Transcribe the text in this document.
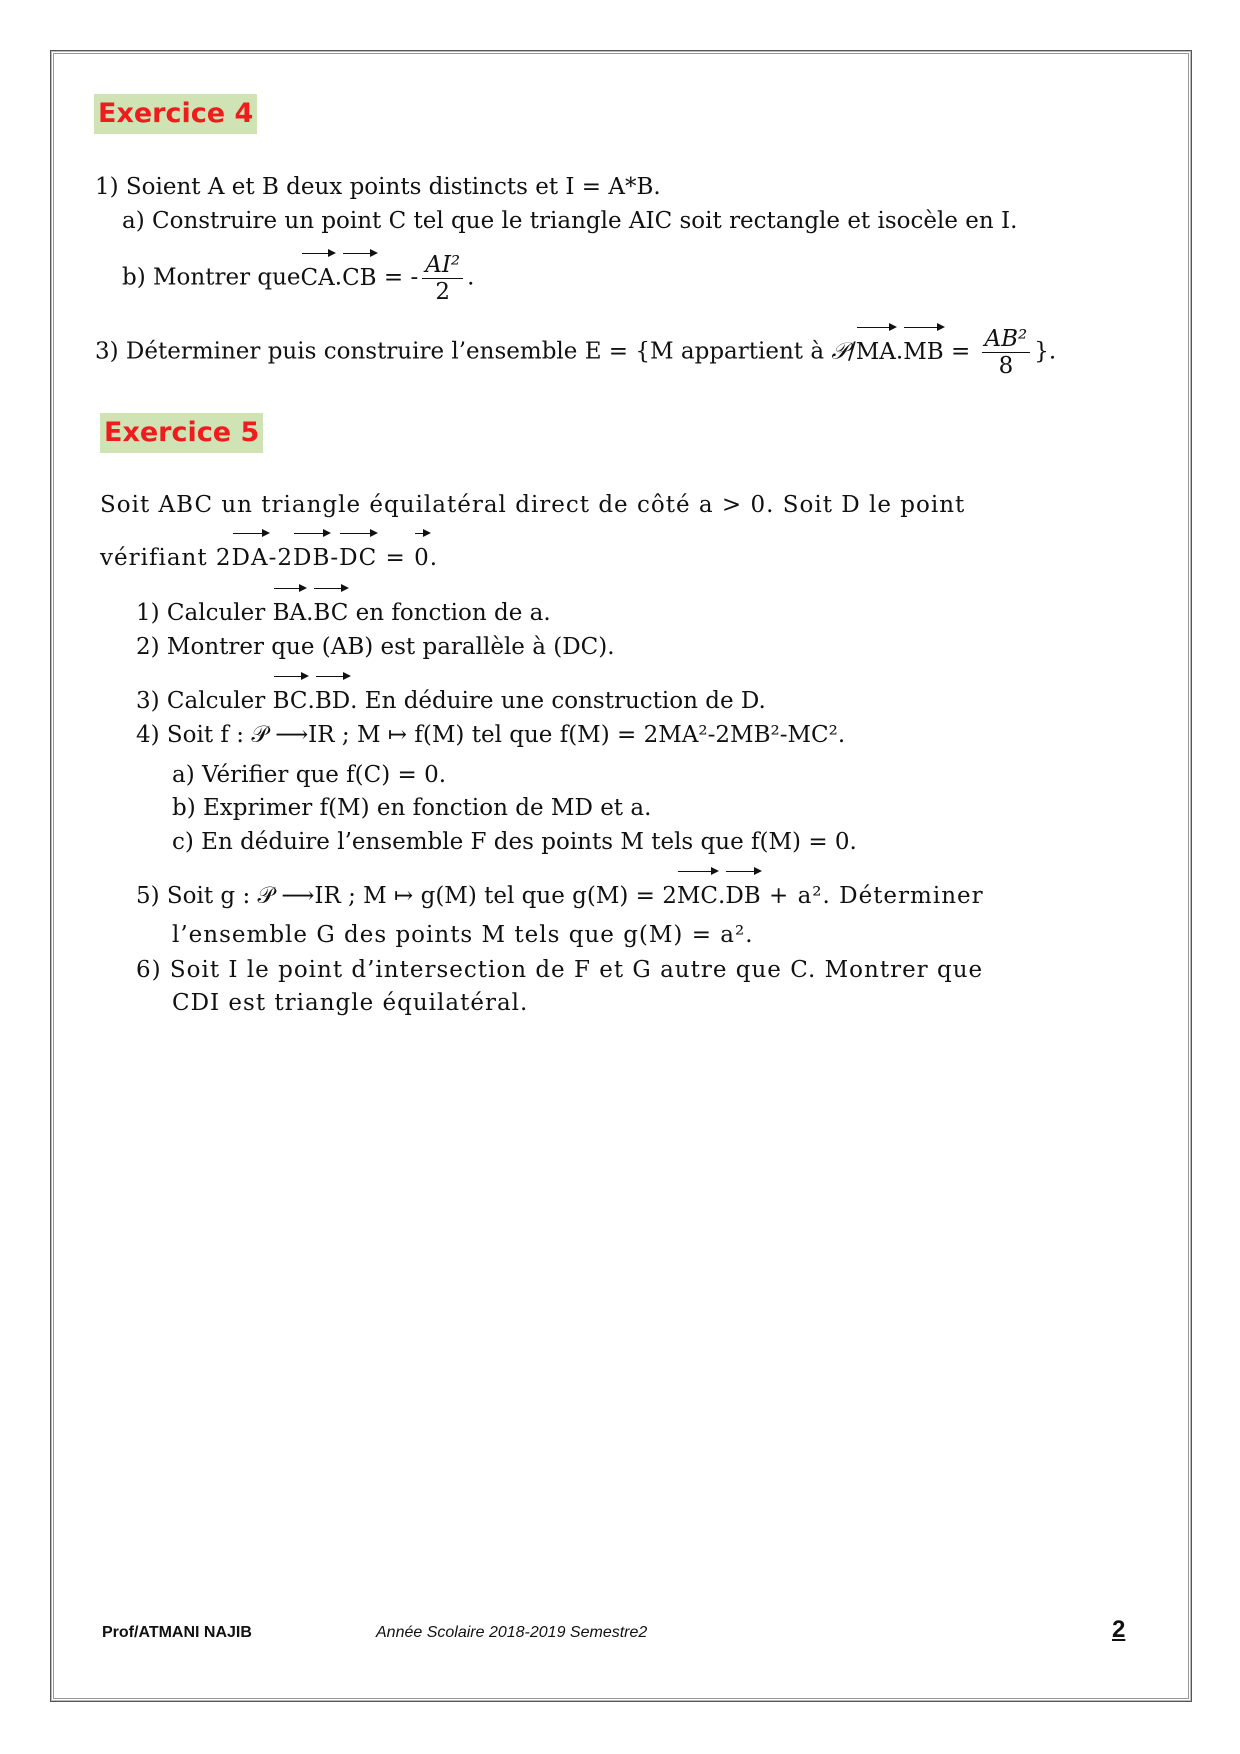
Exercice 4
1) Soient A et B deux points distincts et I = A*B.
a) Construire un point C tel que le triangle AIC soit rectangle et isocèle en I.
b) Montrer queCA.CB = - $\frac{\text{AI²}}{2}$ .
3) Déterminer puis construire l’ensemble E = {M appartient à 𝒫/MA.MB = $\frac{\text{AB²}}{8}$ }.
Exercice 5
Soit ABC un triangle équilatéral direct de côté a > 0. Soit D le point
vérifiant 2DA-2DB-DC = 0.
1) Calculer BA.BC en fonction de a.
2) Montrer que (AB) est parallèle à (DC).
3) Calculer BC.BD. En déduire une construction de D.
4) Soit f : 𝒫 ⟶IR ; M ↦ f(M) tel que f(M) = 2MA²-2MB²-MC².
a) Vérifier que f(C) = 0.
b) Exprimer f(M) en fonction de MD et a.
c) En déduire l’ensemble F des points M tels que f(M) = 0.
5) Soit g : 𝒫 ⟶IR ; M ↦ g(M) tel que g(M) = 2MC.DB + a². Déterminer
l’ensemble G des points M tels que g(M) = a².
6) Soit I le point d’intersection de F et G autre que C. Montrer que
CDI est triangle équilatéral.
Prof/ATMANI NAJIB	Année Scolaire 2018-2019 Semestre2	2
